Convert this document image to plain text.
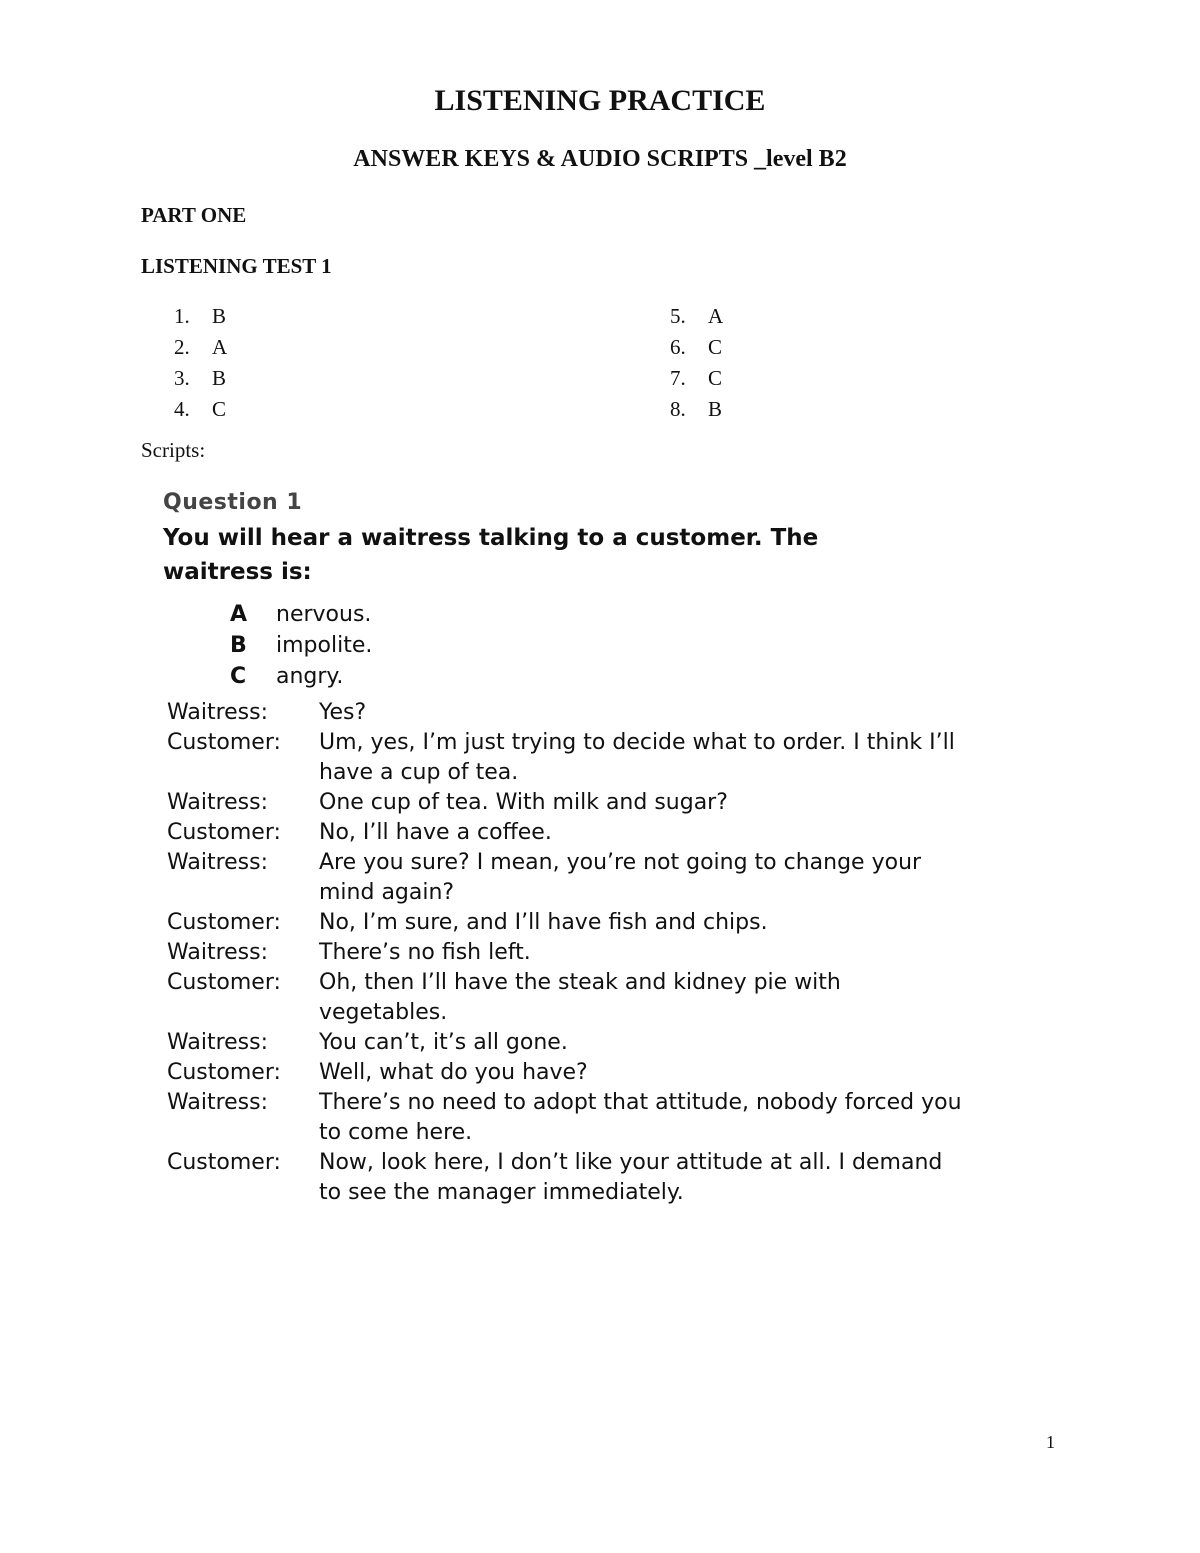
LISTENING PRACTICE
ANSWER KEYS & AUDIO SCRIPTS _level B2
PART ONE
LISTENING TEST 1
1.	B
2.	A
3.	B
4.	C
5.	A
6.	C
7.	C
8.	B
Scripts:
Question 1
You will hear a waitress talking to a customer. The waitress is:
A	nervous.
B	impolite.
C	angry.
Waitress:	Yes?
Customer:	Um, yes, I’m just trying to decide what to order. I think I’ll have a cup of tea.
Waitress:	One cup of tea. With milk and sugar?
Customer:	No, I’ll have a coffee.
Waitress:	Are you sure? I mean, you’re not going to change your mind again?
Customer:	No, I’m sure, and I’ll have fish and chips.
Waitress:	There’s no fish left.
Customer:	Oh, then I’ll have the steak and kidney pie with vegetables.
Waitress:	You can’t, it’s all gone.
Customer:	Well, what do you have?
Waitress:	There’s no need to adopt that attitude, nobody forced you to come here.
Customer:	Now, look here, I don’t like your attitude at all. I demand to see the manager immediately.
1
